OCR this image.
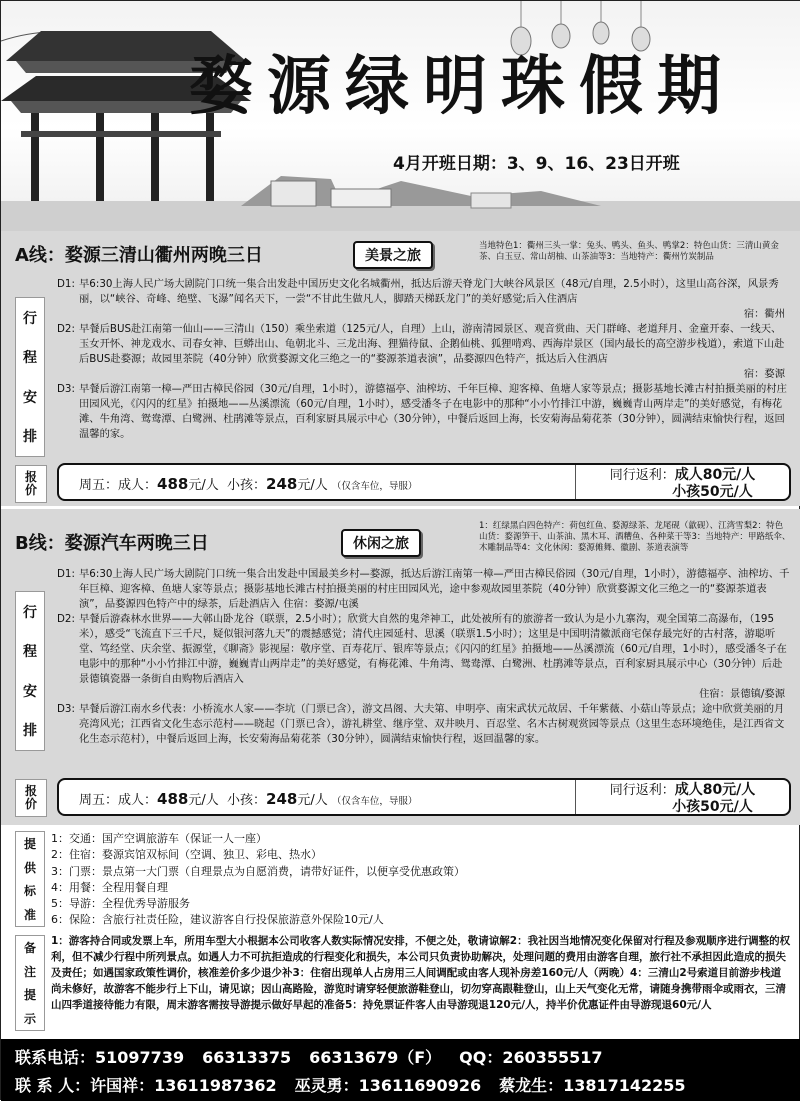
婺源绿明珠假期
4月开班日期：3、9、16、23日开班
A线：婺源三清山衢州两晚三日	美景之旅
当地特色1：衢州三头一掌：兔头、鸭头、鱼头、鸭掌2：特色山货：三清山黄金茶、白玉豆、常山胡柚、山茶油等3：当地特产：衢州竹炭制品
行
程
安
排
D1: 早6:30上海人民广场大剧院门口统一集合出发赴中国历史文化名城衢州，抵达后游天脊龙门大峡谷风景区（48元/自理，2.5小时），这里山高谷深，风景秀丽，以“峡谷、奇峰、绝壁、飞瀑”闻名天下，一尝“不甘此生做凡人，脚踏天梯跃龙门”的美好感觉;后入住酒店
宿：衢州
D2: 早餐后BUS赴江南第一仙山——三清山（150）乘坐索道（125元/人，自理）上山，游南清园景区、观音赏曲、天门群峰、老道拜月、金童开泰、一线天、玉女开怀、神龙戏水、司春女神、巨蟒出山、龟朝北斗、三龙出海、狸猫待鼠、企鹅仙桃、狐狸啃鸡、西海岸景区（国内最长的高空游步栈道），索道下山赴后BUS赴婺源；故园里茶院（40分钟）欣赏婺源文化三绝之一的“婺源茶道表演”，品婺源四色特产，抵达后入住酒店
宿：婺源
D3: 早餐后游江南第一樟—严田古樟民俗园（30元/自理，1小时），游德福亭、油榨坊、千年巨樟、迎客樟、鱼塘人家等景点；摄影基地长滩古村拍摄美丽的村庄田园风光，《闪闪的红星》拍摄地——丛溪漂流（60元/自理，1小时），感受潘冬子在电影中的那种“小小竹排江中游，巍巍青山两岸走”的美好感觉，有梅花滩、牛角湾、鸳鸯潭、白鹭洲、杜鹃滩等景点，百利家厨具展示中心（30分钟），中餐后返回上海，长安菊海品菊花茶（30分钟），圆满结束愉快行程，返回温馨的家。
报
价	周五：成人：488元/人 小孩：248元/人 （仅含车位，导服）
同行返利：成人80元/人
小孩50元/人
B线：婺源汽车两晚三日	休闲之旅
1：红绿黑白四色特产：荷包红鱼、婺源绿茶、龙尾砚（歙砚）、江湾雪梨2：特色山货：婺源笋干、山茶油、黑木耳、酒糟鱼、各种菜干等3：当地特产：甲路纸伞、木雕制品等4：文化休闲：婺源傩舞、徽剧、茶道表演等
行
程
安
排
D1: 早6:30上海人民广场大剧院门口统一集合出发赴中国最美乡村—婺源，抵达后游江南第一樟—严田古樟民俗园（30元/自理，1小时），游德福亭、油榨坊、千年巨樟、迎客樟、鱼塘人家等景点；摄影基地长滩古村拍摄美丽的村庄田园风光，途中参观故园里茶院（40分钟）欣赏婺源文化三绝之一的“婺源茶道表演”，品婺源四色特产中的绿茶，后赴酒店入 住宿：婺源/屯溪
D2: 早餐后游森林水世界——大鄣山卧龙谷（联票，2.5小时）；欣赏大自然的鬼斧神工，此处被所有的旅游者一致认为是小九寨沟，观全国第二高瀑布，（195米），感受“飞流直下三千尺，疑似银河落九天”的震撼感觉；清代庄园延村、思溪（联票1.5小时）；这里是中国明清徽派商宅保存最完好的古村落，游聪听堂、笃经堂、庆余堂、振源堂，《聊斋》影视屋：敬序堂、百寿花厅、银库等景点；《闪闪的红星》拍摄地——丛溪漂流（60元/自理，1小时），感受潘冬子在电影中的那种“小小竹排江中游，巍巍青山两岸走”的美好感觉，有梅花滩、牛角湾、鸳鸯潭、白鹭洲、杜鹃滩等景点，百利家厨具展示中心（30分钟）后赴景德镇瓷器一条街自由购物后酒店入
住宿：景德镇/婺源
D3: 早餐后游江南水乡代表：小桥流水人家——李坑（门票已含），游文昌阁、大夫第、申明亭、南宋武状元故居、千年紫薇、小菇山等景点；途中欣赏美丽的月亮湾风光；江西省文化生态示范村——晓起（门票已含），游礼耕堂、继序堂、双井映月、百忍堂、名木古树观赏园等景点（这里生态环境绝佳，是江西省文化生态示范村），中餐后返回上海，长安菊海品菊花茶（30分钟），圆满结束愉快行程，返回温馨的家。
报
价	周五：成人：488元/人 小孩：248元/人 （仅含车位，导服）
同行返利：成人80元/人
小孩50元/人
提
供
标
准
1：交通：国产空调旅游车（保证一人一座）
2：住宿：婺源宾馆双标间（空调、独卫、彩电、热水）
3：门票：景点第一大门票（自理景点为自愿消费，请带好证件，以便享受优惠政策）
4：用餐：全程用餐自理
5：导游：全程优秀导游服务
6：保险：含旅行社责任险，建议游客自行投保旅游意外保险10元/人
备
注
提
示
1：游客持合同或发票上车，所用车型大小根据本公司收客人数实际情况安排，不便之处，敬请谅解2：我社因当地情况变化保留对行程及参观顺序进行调整的权利，但不减少行程中所列景点。如遇人力不可抗拒造成的行程变化和损失，本公司只负责协助解决，处理问题的费用由游客自理，旅行社不承担因此造成的损失及责任；如遇国家政策性调价，核准差价多少退少补3：住宿出现单人占房用三人间调配或由客人现补房差160元/人（两晚）4：三清山2号索道目前游步栈道尚未修好，故游客不能步行上下山，请见谅；因山高路险，游览时请穿轻便旅游鞋登山，切勿穿高跟鞋登山，山上天气变化无常，请随身携带雨伞或雨衣，三清山四季道接待能力有限，周末游客需按导游提示做好早起的准备5：持免票证件客人由导游现退120元/人，持半价优惠证件由导游现退60元/人
联系电话：51097739 66313375 66313679（F） QQ：260355517
联 系 人：许国祥：13611987362 巫灵勇：13611690926 蔡龙生：13817142255
